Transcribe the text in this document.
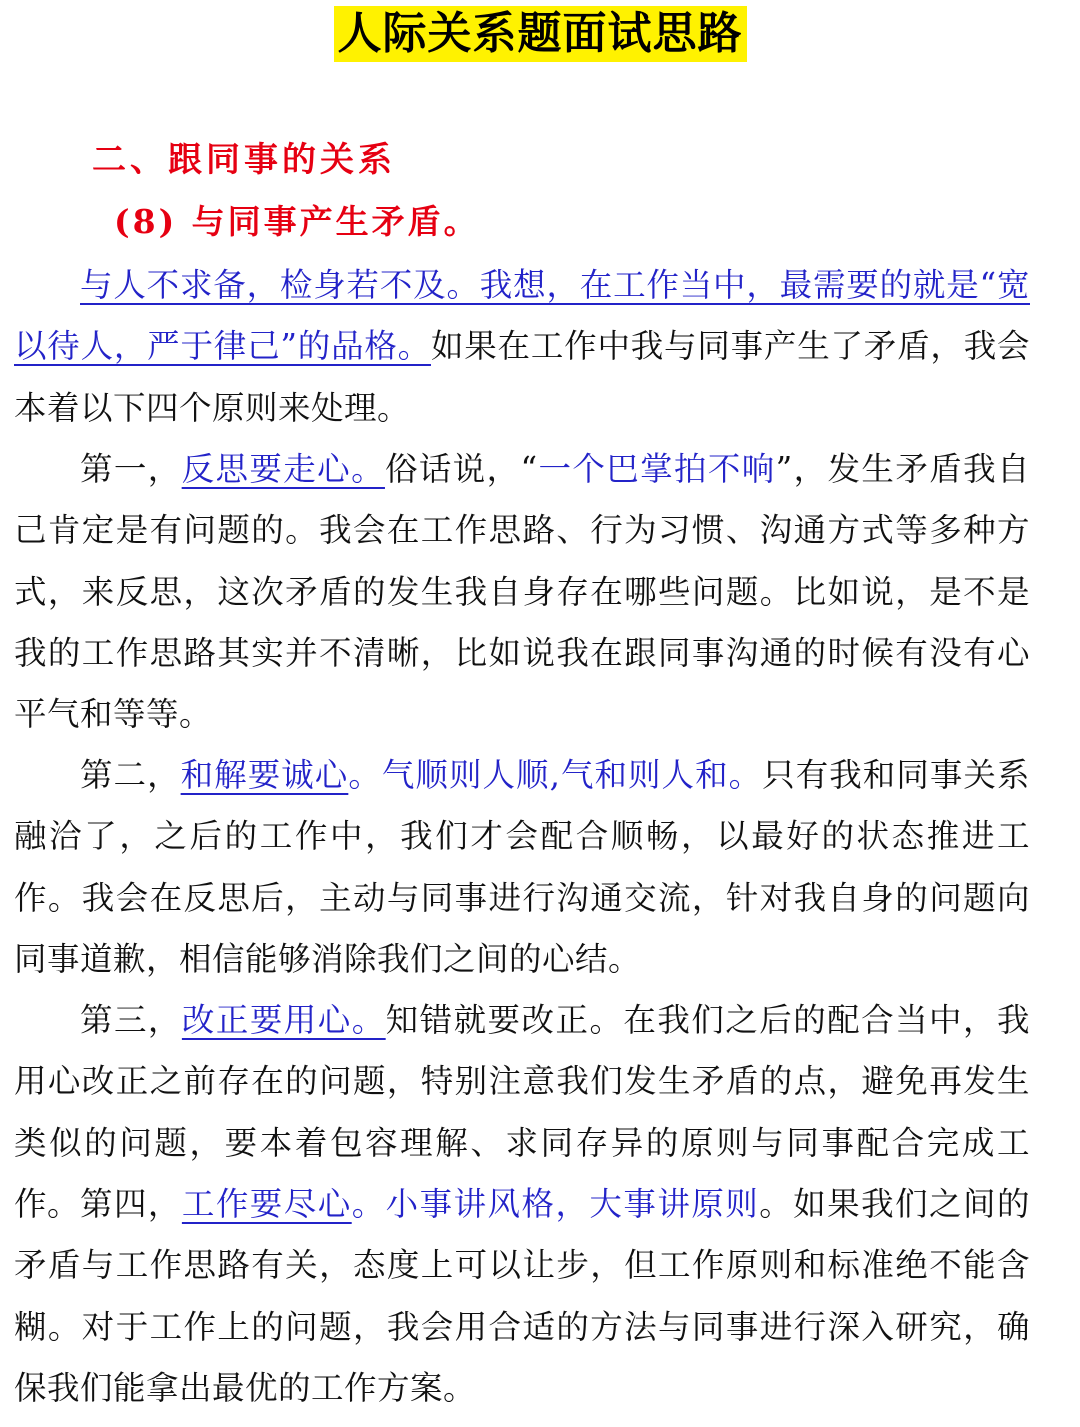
人际关系题面试思路
二、跟同事的关系
(8) 与同事产生矛盾。

与人不求备，检身若不及。我想，在工作当中，最需要的就是“宽以待人，严于律己”的品格。如果在工作中我与同事产生了矛盾，我会本着以下四个原则来处理。

第一，反思要走心。俗话说，“一个巴掌拍不响”，发生矛盾我自己肯定是有问题的。我会在工作思路、行为习惯、沟通方式等多种方式，来反思，这次矛盾的发生我自身存在哪些问题。比如说，是不是我的工作思路其实并不清晰，比如说我在跟同事沟通的时候有没有心平气和等等。

第二，和解要诚心。气顺则人顺,气和则人和。只有我和同事关系融洽了，之后的工作中，我们才会配合顺畅，以最好的状态推进工作。我会在反思后，主动与同事进行沟通交流，针对我自身的问题向同事道歉，相信能够消除我们之间的心结。

第三，改正要用心。知错就要改正。在我们之后的配合当中，我用心改正之前存在的问题，特别注意我们发生矛盾的点，避免再发生类似的问题，要本着包容理解、求同存异的原则与同事配合完成工作。 第四，工作要尽心。小事讲风格，大事讲原则。如果我们之间的矛盾与工作思路有关，态度上可以让步，但工作原则和标准绝不能含糊。对于工作上的问题，我会用合适的方法与同事进行深入研究，确保我们能拿出最优的工作方案。
